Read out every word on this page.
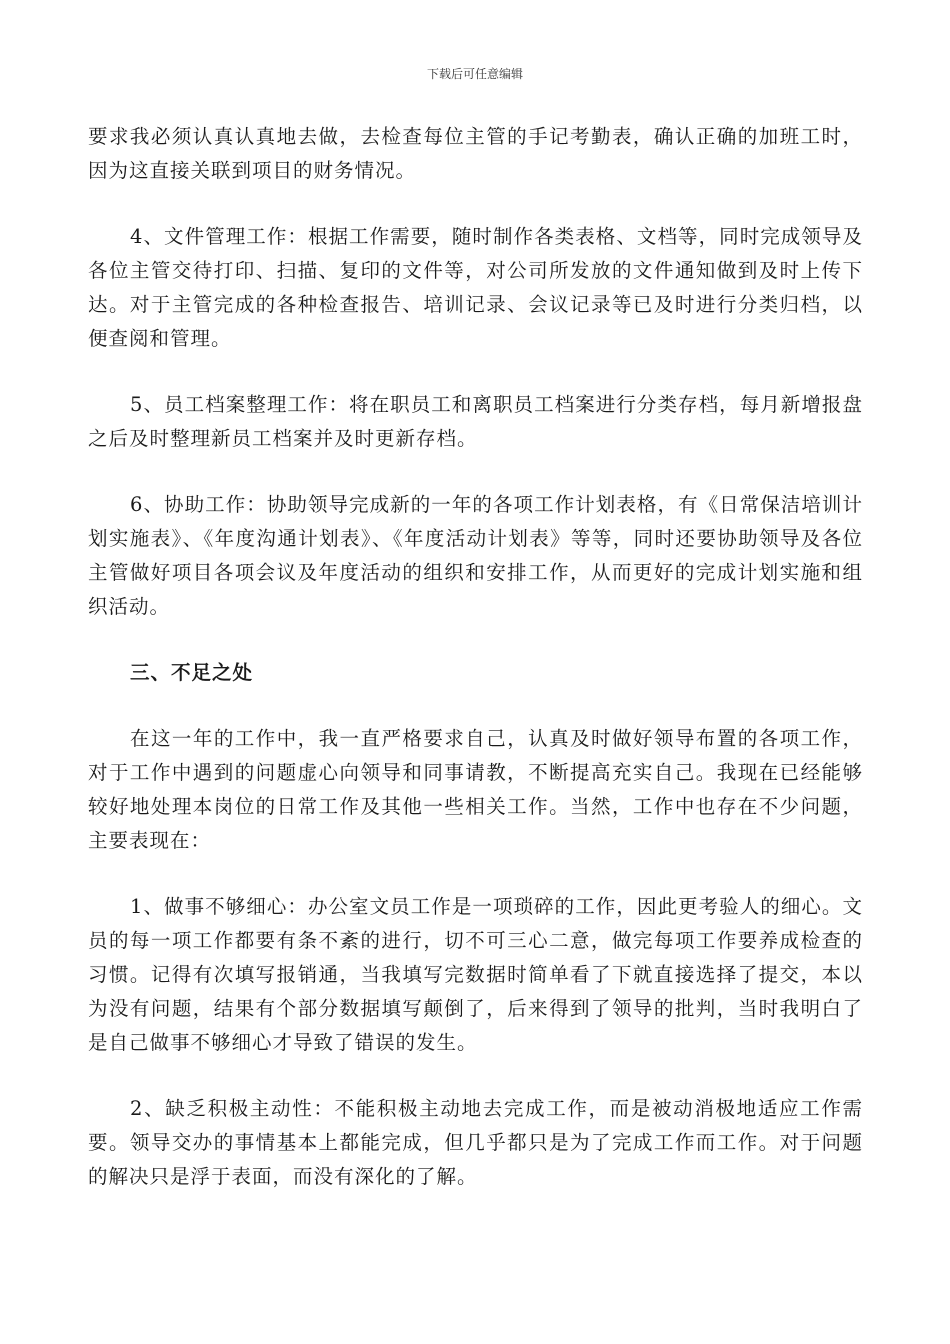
下载后可任意编辑

要求我必须认真认真地去做，去检查每位主管的手记考勤表，确认正确的加班工时，因为这直接关联到项目的财务情况。

4、文件管理工作：根据工作需要，随时制作各类表格、文档等，同时完成领导及各位主管交待打印、扫描、复印的文件等，对公司所发放的文件通知做到及时上传下达。对于主管完成的各种检查报告、培训记录、会议记录等已及时进行分类归档，以便查阅和管理。

5、员工档案整理工作：将在职员工和离职员工档案进行分类存档，每月新增报盘之后及时整理新员工档案并及时更新存档。

6、协助工作：协助领导完成新的一年的各项工作计划表格，有《日常保洁培训计划实施表》、《年度沟通计划表》、《年度活动计划表》等等，同时还要协助领导及各位主管做好项目各项会议及年度活动的组织和安排工作，从而更好的完成计划实施和组织活动。

三、不足之处

在这一年的工作中，我一直严格要求自己，认真及时做好领导布置的各项工作，对于工作中遇到的问题虚心向领导和同事请教，不断提高充实自己。我现在已经能够较好地处理本岗位的日常工作及其他一些相关工作。当然，工作中也存在不少问题，主要表现在：

1、做事不够细心：办公室文员工作是一项琐碎的工作，因此更考验人的细心。文员的每一项工作都要有条不紊的进行，切不可三心二意，做完每项工作要养成检查的习惯。记得有次填写报销通，当我填写完数据时简单看了下就直接选择了提交，本以为没有问题，结果有个部分数据填写颠倒了，后来得到了领导的批判，当时我明白了是自己做事不够细心才导致了错误的发生。

2、缺乏积极主动性：不能积极主动地去完成工作，而是被动消极地适应工作需要。领导交办的事情基本上都能完成，但几乎都只是为了完成工作而工作。对于问题的解决只是浮于表面，而没有深化的了解。
